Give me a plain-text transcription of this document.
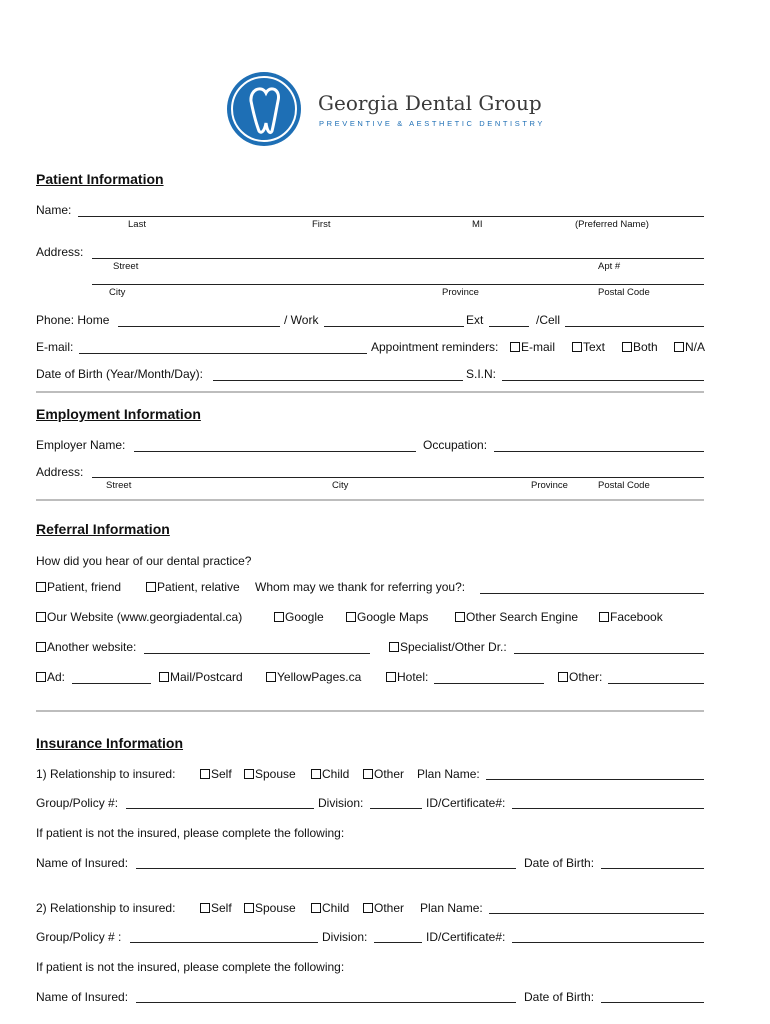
Georgia Dental Group
PREVENTIVE & AESTHETIC DENTISTRY
Patient Information
Name:
Last	First	MI	(Preferred Name)
Address:
Street	Apt #
City	Province	Postal Code
Phone: Home	/ Work	Ext	/Cell
E-mail:	Appointment reminders:	E-mail	Text	Both	N/A
Date of Birth (Year/Month/Day):	S.I.N:
Employment Information
Employer Name:	Occupation:
Address:
Street	City	Province	Postal Code
Referral Information
How did you hear of our dental practice?
Patient, friend	Patient, relative Whom may we thank for referring you?:
Our Website (www.georgiadental.ca)	Google	Google Maps	Other Search Engine	Facebook
Another website:	Specialist/Other Dr.:
Ad:	Mail/Postcard	YellowPages.ca	Hotel:	Other:
Insurance Information
1) Relationship to insured:	Self	Spouse	Child	Other Plan Name:
Group/Policy #:	Division:	ID/Certificate#:
If patient is not the insured, please complete the following:
Name of Insured:	Date of Birth:
2) Relationship to insured:	Self	Spouse	Child	Other Plan Name:
Group/Policy # :	Division:	ID/Certificate#:
If patient is not the insured, please complete the following:
Name of Insured:	Date of Birth:
